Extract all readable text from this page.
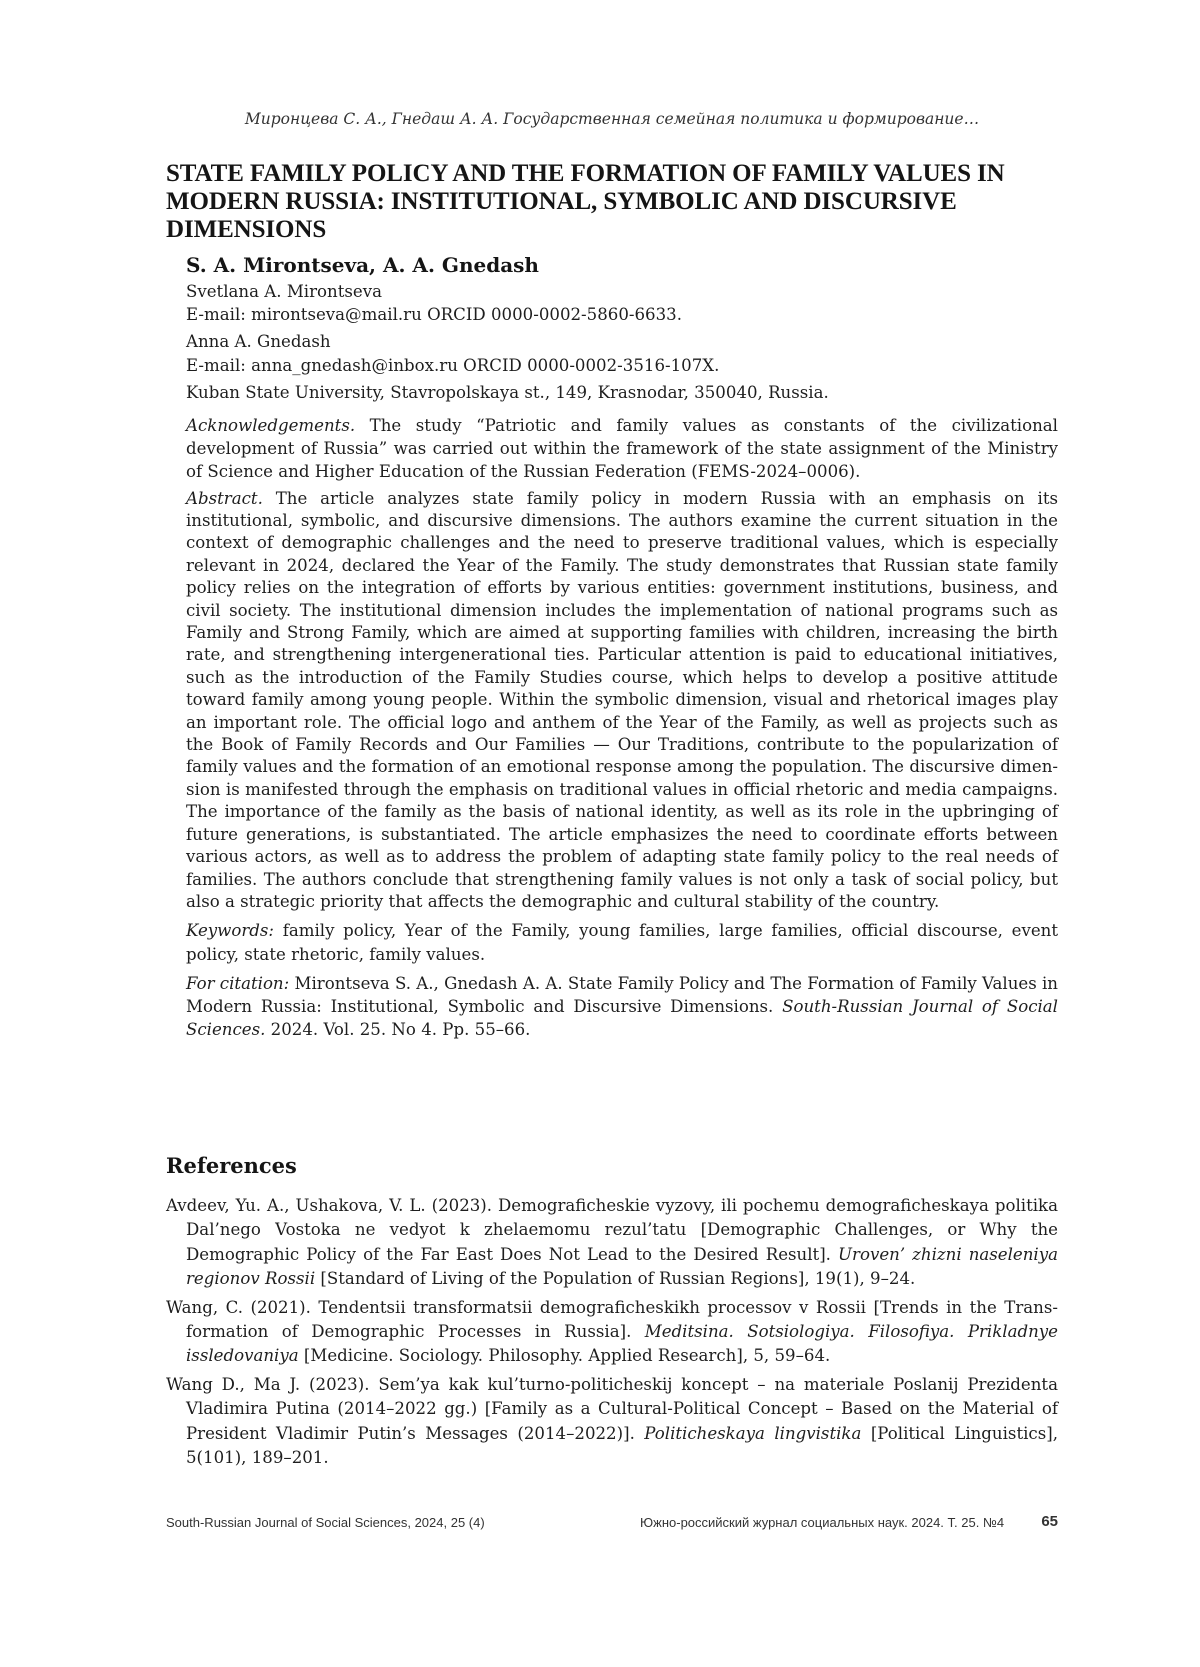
Миронцева С. А., Гнедаш А. А. Государственная семейная политика и формирование…
STATE FAMILY POLICY AND THE FORMATION OF FAMILY VALUES IN MODERN RUSSIA: INSTITUTIONAL, SYMBOLIC AND DISCURSIVE DIMENSIONS
S. A. Mirontseva, A. A. Gnedash

Svetlana A. Mirontseva

E-mail: mirontseva@mail.ru ORCID 0000-0002-5860-6633.

Anna A. Gnedash

E-mail: anna_gnedash@inbox.ru ORCID 0000-0002-3516-107X.

Kuban State University, Stavropolskaya st., 149, Krasnodar, 350040, Russia.

Acknowledgements. The study “Patriotic and family values as constants of the civilizational development of Russia” was carried out within the framework of the state assignment of the Ministry of Science and Higher Education of the Russian Federation (FEMS-2024–0006).

Abstract. The article analyzes state family policy in modern Russia with an emphasis on its institutional, symbolic, and discursive dimensions. The authors examine the current situation in the context of demographic challenges and the need to preserve traditional values, which is especially relevant in 2024, declared the Year of the Family. The study demonstrates that Russian state family policy relies on the integration of efforts by various entities: government institutions, business, and civil society. The institutional dimension includes the implementation of national programs such as Family and Strong Family, which are aimed at supporting families with children, increasing the birth rate, and strengthening intergenerational ties. Particular attention is paid to educational initiatives, such as the introduction of the Family Studies course, which helps to develop a positive attitude toward family among young people. Within the symbolic dimension, visual and rhetorical images play an important role. The official logo and anthem of the Year of the Family, as well as projects such as the Book of Family Records and Our Families — Our Traditions, contribute to the popularization of family values and the formation of an emotional response among the population. The discursive dimension is manifested through the emphasis on traditional values in official rhetoric and media campaigns. The importance of the family as the basis of national identity, as well as its role in the upbringing of future generations, is substantiated. The article emphasizes the need to coordinate efforts between various actors, as well as to address the problem of adapting state family policy to the real needs of families. The authors conclude that strengthening family values is not only a task of social policy, but also a strategic priority that affects the demographic and cultural stability of the country.

Keywords: family policy, Year of the Family, young families, large families, official discourse, event policy, state rhetoric, family values.

For citation: Mirontseva S. A., Gnedash A. A. State Family Policy and The Formation of Family Values in Modern Russia: Institutional, Symbolic and Discursive Dimensions. South-Russian Journal of Social Sciences. 2024. Vol. 25. No 4. Pp. 55–66.

References

Avdeev, Yu. A., Ushakova, V. L. (2023). Demograficheskie vyzovy, ili pochemu demograficheskaya politika Dal’nego Vostoka ne vedyot k zhelaemomu rezul’tatu [Demographic Challenges, or Why the Demographic Policy of the Far East Does Not Lead to the Desired Result]. Uroven’ zhizni naseleniya regionov Rossii [Standard of Living of the Population of Russian Regions], 19(1), 9–24.

Wang, C. (2021). Tendentsii transformatsii demograficheskikh processov v Rossii [Trends in the Transformation of Demographic Processes in Russia]. Meditsina. Sotsiologiya. Filosofiya. Prikladnye issledovaniya [Medicine. Sociology. Philosophy. Applied Research], 5, 59–64.

Wang D., Ma J. (2023). Sem’ya kak kul’turno-politicheskij koncept – na materiale Poslanij Prezidenta Vladimira Putina (2014–2022 gg.) [Family as a Cultural-Political Concept – Based on the Material of President Vladimir Putin’s Messages (2014–2022)]. Politicheskaya lingvistika [Political Linguistics], 5(101), 189–201.

South-Russian Journal of Social Sciences, 2024, 25 (4)	Южно-российский журнал социальных наук. 2024. Т. 25. №4 65
